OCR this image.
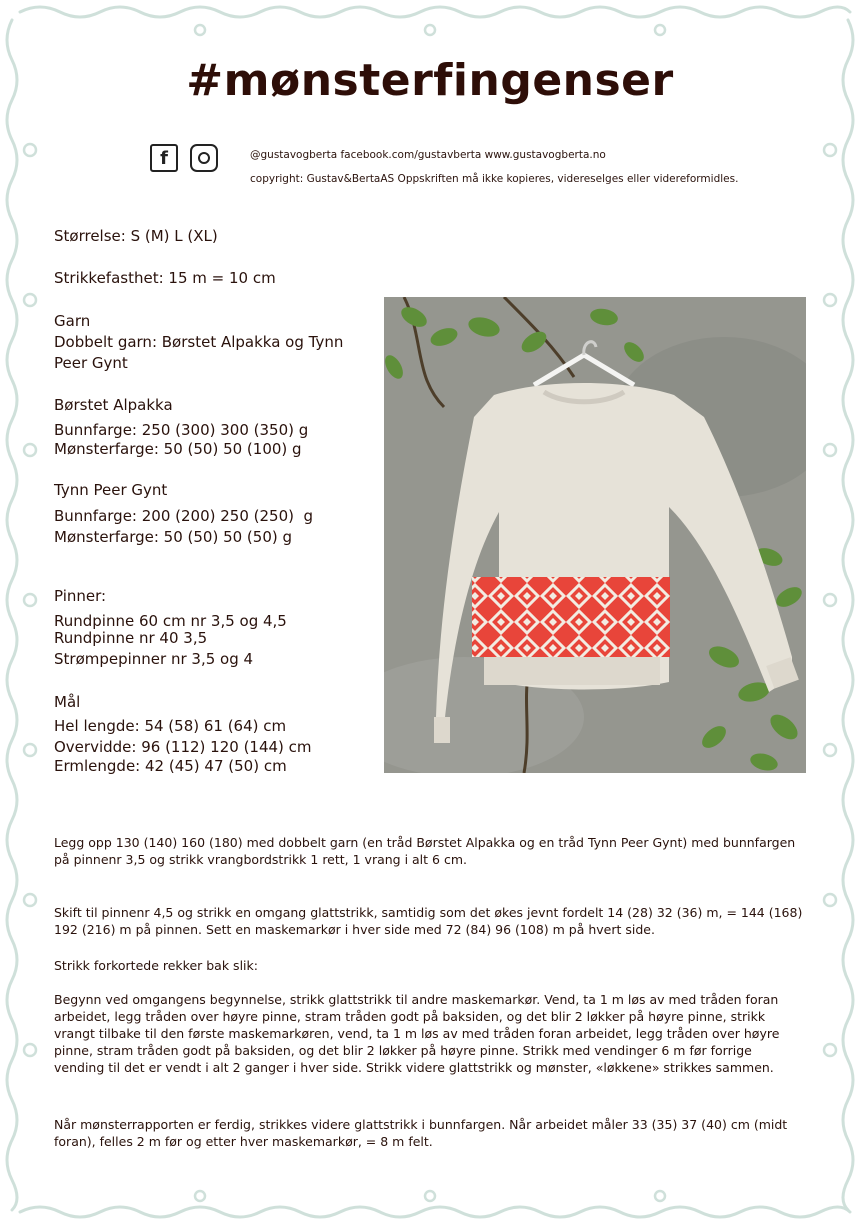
#mønsterfingenser
f	@gustavogberta facebook.com/gustavberta www.gustavogberta.no
copyright: Gustav&BertaAS Oppskriften må ikke kopieres, videreselges eller videreformidles.

Størrelse: S (M) L (XL)

Strikkefasthet: 15 m = 10 cm

Garn

Dobbelt garn: Børstet Alpakka og Tynn

Peer Gynt

Børstet Alpakka

Bunnfarge: 250 (300) 300 (350) g

Mønsterfarge: 50 (50) 50 (100) g

Tynn Peer Gynt

Bunnfarge: 200 (200) 250 (250)  g

Mønsterfarge: 50 (50) 50 (50) g

Pinner:

Rundpinne 60 cm nr 3,5 og 4,5

Rundpinne nr 40 3,5

Strømpepinner nr 3,5 og 4

Mål

Hel lengde: 54 (58) 61 (64) cm

Overvidde: 96 (112) 120 (144) cm

Ermlengde: 42 (45) 47 (50) cm

Legg opp 130 (140) 160 (180) med dobbelt garn (en tråd Børstet Alpakka og en tråd Tynn Peer Gynt) med bunnfargen på pinnenr 3,5 og strikk vrangbordstrikk 1 rett, 1 vrang i alt 6 cm.

Skift til pinnenr 4,5 og strikk en omgang glattstrikk, samtidig som det økes jevnt fordelt 14 (28) 32 (36) m, = 144 (168) 192 (216) m på pinnen. Sett en maskemarkør i hver side med 72 (84) 96 (108) m på hvert side.

Strikk forkortede rekker bak slik:

Begynn ved omgangens begynnelse, strikk glattstrikk til andre maskemarkør. Vend, ta 1 m løs av med tråden foran arbeidet, legg tråden over høyre pinne, stram tråden godt på baksiden, og det blir 2 løkker på høyre pinne, strikk vrangt tilbake til den første maskemarkøren, vend, ta 1 m løs av med tråden foran arbeidet, legg tråden over høyre pinne, stram tråden godt på baksiden, og det blir 2 løkker på høyre pinne. Strikk med vendinger 6 m før forrige vending til det er vendt i alt 2 ganger i hver side. Strikk videre glattstrikk og mønster, «løkkene» strikkes sammen.

Når mønsterrapporten er ferdig, strikkes videre glattstrikk i bunnfargen. Når arbeidet måler 33 (35) 37 (40) cm (midt foran), felles 2 m før og etter hver maskemarkør, = 8 m felt.
